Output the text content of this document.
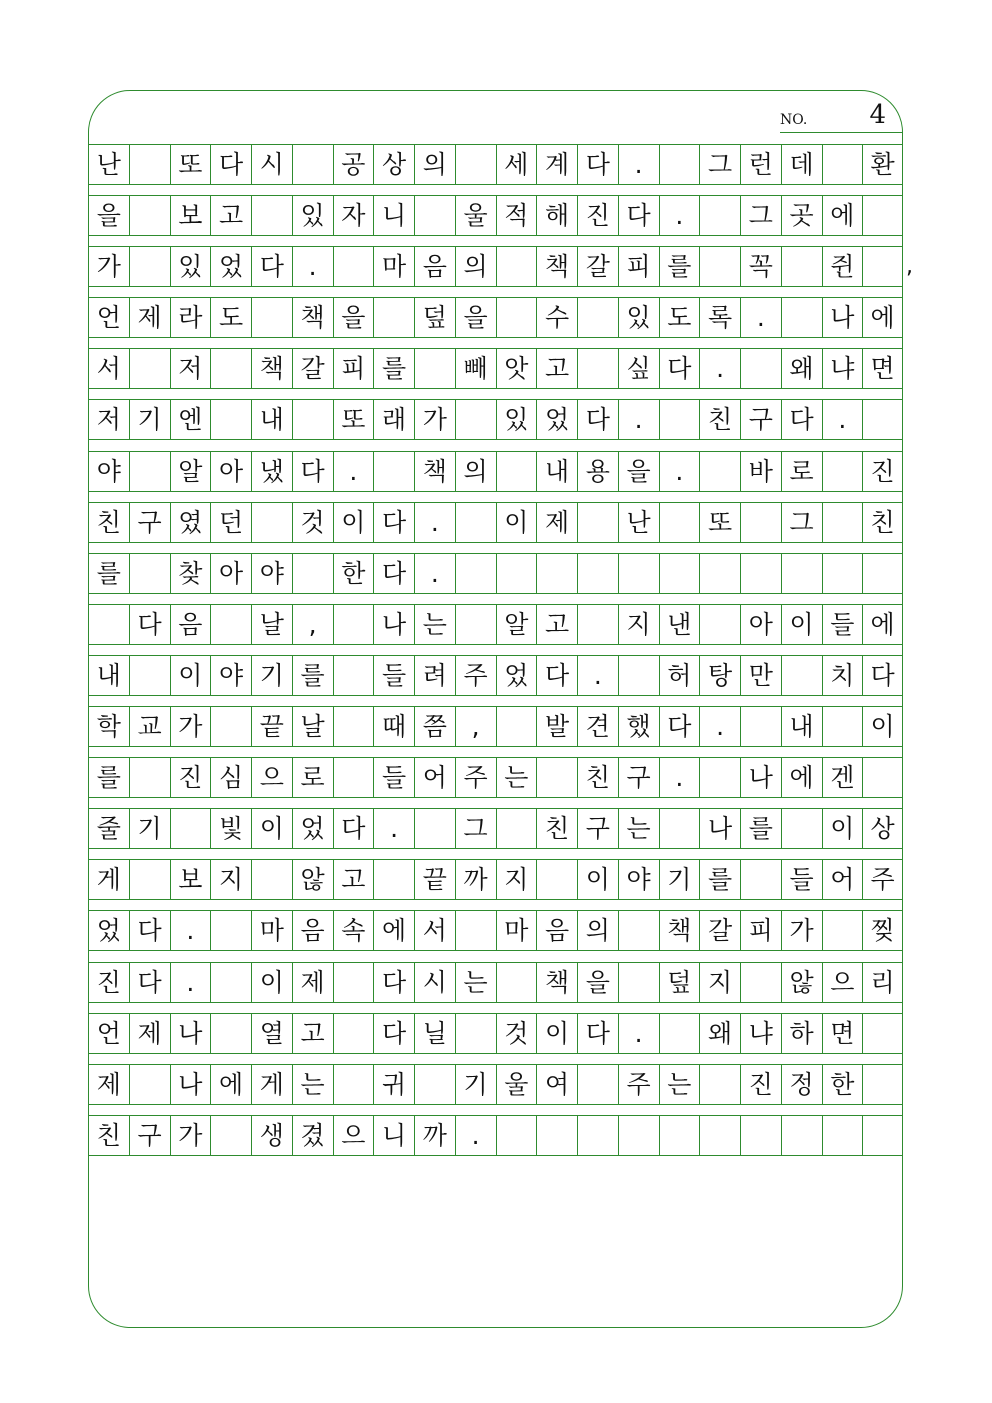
NO. 4
난	또 다 시	공 상 의	세 계 다 .	그 런 데	환
을	보 고	있 자 니	울 적 해 진 다 .	그 곳 에
가	있 었 다 .	마 음 의	책 갈 피 를	꼭	쥔	,
언 제 라 도	책 을	덮 을	수	있 도 록 .	나 에
서	저	책 갈 피 를	빼 앗 고	싶 다 .	왜 냐 면
저 기 엔	내	또 래 가	있 었 다 .	친 구 다 .
야	알 아 냈 다 .	책 의	내 용 을 .	바 로	진
친 구 였 던	것 이 다 .	이 제	난	또	그	친
를	찾 아 야	한 다 .
다 음	날 ,	나 는	알 고	지 낸	아 이 들 에
내	이 야 기 를	들 려 주 었 다 .	허 탕 만	치 다
학 교 가	끝 날	때 쯤 ,	발 견 했 다 .	내	이
를	진 심 으 로	들 어 주 는	친 구 .	나 에 겐
줄 기	빛 이 었 다 .	그	친 구 는	나 를	이 상
게	보 지	않 고	끝 까 지	이 야 기 를	들 어 주
었 다 .	마 음 속 에 서	마 음 의	책 갈 피 가	찢
진 다 .	이 제	다 시 는	책 을	덮 지	않 으 리
언 제 나	열 고	다 닐	것 이 다 .	왜 냐 하 면
제	나 에 게 는	귀	기 울 여	주 는	진 정 한
친 구 가	생 겼 으 니 까 .
